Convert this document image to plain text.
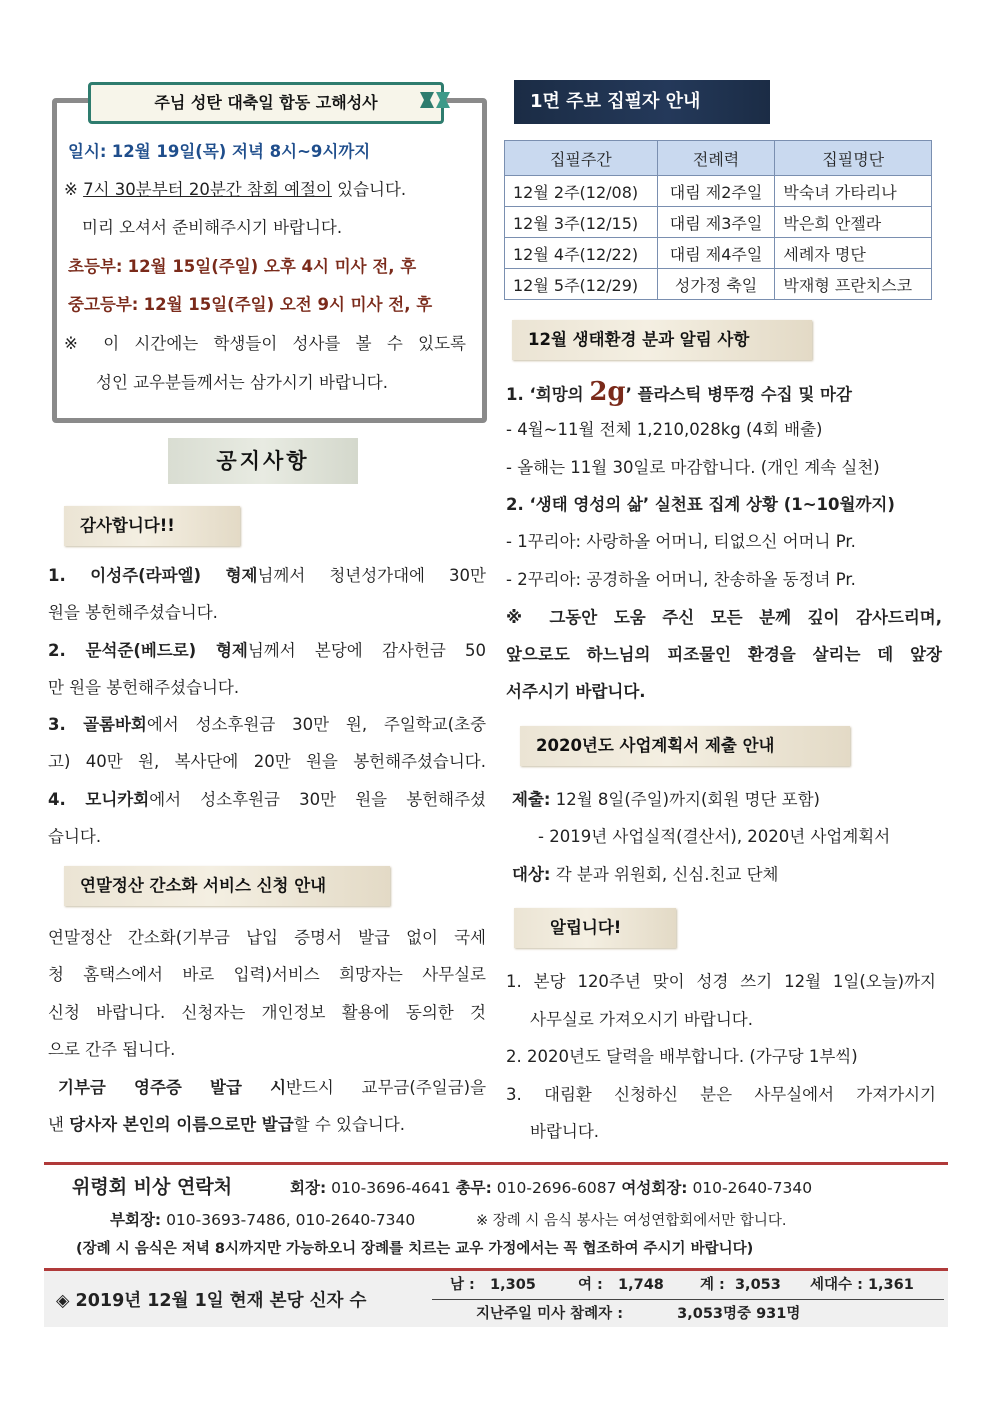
주님 성탄 대축일 합동 고해성사
일시: 12월 19일(목) 저녁 8시~9시까지
※ 7시 30분부터 20분간 참회 예절이 있습니다.
미리 오셔서 준비해주시기 바랍니다.
초등부: 12월 15일(주일) 오후 4시 미사 전, 후
중고등부: 12월 15일(주일) 오전 9시 미사 전, 후
※ 이 시간에는 학생들이 성사를 볼 수 있도록
성인 교우분들께서는 삼가시기 바랍니다.
공지사항
감사합니다!!
1. 이성주(라파엘) 형제님께서 청년성가대에 30만
원을 봉헌해주셨습니다.
2. 문석준(베드로) 형제님께서 본당에 감사헌금 50
만 원을 봉헌해주셨습니다.
3. 골롬바회에서 성소후원금 30만 원, 주일학교(초중
고) 40만 원, 복사단에 20만 원을 봉헌해주셨습니다.
4. 모니카회에서 성소후원금 30만 원을 봉헌해주셨
습니다.
연말정산 간소화 서비스 신청 안내
연말정산 간소화(기부금 납입 증명서 발급 없이 국세
청 홈택스에서 바로 입력)서비스 희망자는 사무실로
신청 바랍니다. 신청자는 개인정보 활용에 동의한 것
으로 간주 됩니다.
기부금 영주증 발급 시반드시 교무금(주일금)을
낸 당사자 본인의 이름으로만 발급할 수 있습니다.
1면 주보 집필자 안내
집필주간	전례력	집필명단
12월 2주(12/08)	대림 제2주일	박숙녀 가타리나
12월 3주(12/15)	대림 제3주일	박은희 안젤라
12월 4주(12/22)	대림 제4주일	세례자 명단
12월 5주(12/29)	성가정 축일	박재형 프란치스코
12월 생태환경 분과 알림 사항
1. ‘희망의 2g’ 플라스틱 병뚜껑 수집 및 마감
- 4월~11월 전체 1,210,028kg (4회 배출)
- 올해는 11월 30일로 마감합니다. (개인 계속 실천)
2. ‘생태 영성의 삶’ 실천표 집계 상황 (1~10월까지)
- 1꾸리아: 사랑하올 어머니, 티없으신 어머니 Pr.
- 2꾸리아: 공경하올 어머니, 찬송하올 동정녀 Pr.
※ 그동안 도움 주신 모든 분께 깊이 감사드리며,
앞으로도 하느님의 피조물인 환경을 살리는 데 앞장
서주시기 바랍니다.
2020년도 사업계획서 제출 안내
제출: 12월 8일(주일)까지(회원 명단 포함)
- 2019년 사업실적(결산서), 2020년 사업계획서
대상: 각 분과 위원회, 신심.친교 단체
알립니다!
1. 본당 120주년 맞이 성경 쓰기 12월 1일(오늘)까지
사무실로 가져오시기 바랍니다.
2. 2020년도 달력을 배부합니다. (가구당 1부씩)
3. 대림환 신청하신 분은 사무실에서 가져가시기
바랍니다.
위령회 비상 연락처	회장: 010-3696-4641 총무: 010-2696-6087 여성회장: 010-2640-7340
부회장: 010-3693-7486, 010-2640-7340	※ 장례 시 음식 봉사는 여성연합회에서만 합니다.
(장례 시 음식은 저녁 8시까지만 가능하오니 장례를 치르는 교우 가정에서는 꼭 협조하여 주시기 바랍니다)
◈ 2019년 12월 1일 현재 본당 신자 수
남 : 1,305	여 : 1,748 계 : 3,053 세대수 : 1,361
지난주일 미사 참례자 :	3,053명중 931명
